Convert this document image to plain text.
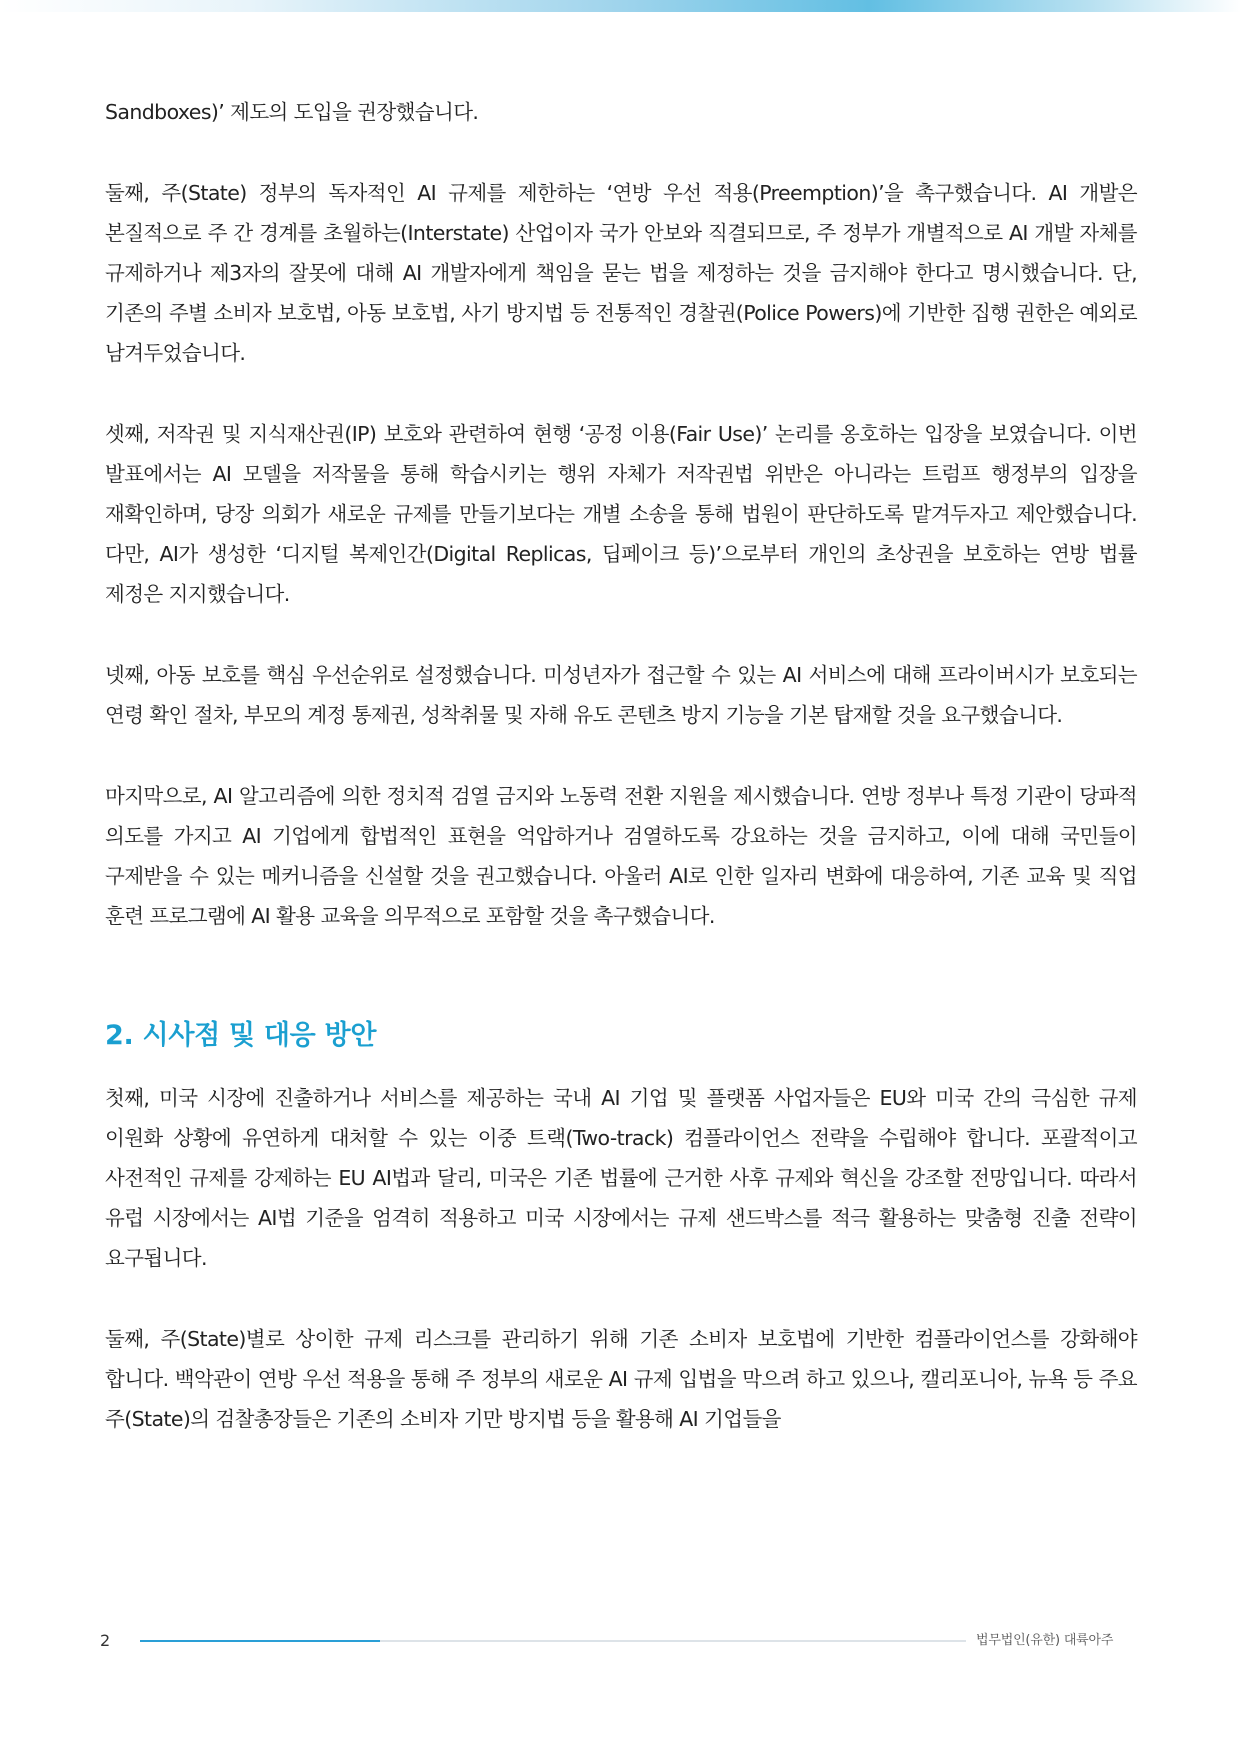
Sandboxes)’ 제도의 도입을 권장했습니다.

둘째, 주(State) 정부의 독자적인 AI 규제를 제한하는 ‘연방 우선 적용(Preemption)’을 촉구했습니다. AI 개발은 본질적으로 주 간 경계를 초월하는(Interstate) 산업이자 국가 안보와 직결되므로, 주 정부가 개별적으로 AI 개발 자체를 규제하거나 제3자의 잘못에 대해 AI 개발자에게 책임을 묻는 법을 제정하는 것을 금지해야 한다고 명시했습니다. 단, 기존의 주별 소비자 보호법, 아동 보호법, 사기 방지법 등 전통적인 경찰권(Police Powers)에 기반한 집행 권한은 예외로 남겨두었습니다.

셋째, 저작권 및 지식재산권(IP) 보호와 관련하여 현행 ‘공정 이용(Fair Use)’ 논리를 옹호하는 입장을 보였습니다. 이번 발표에서는 AI 모델을 저작물을 통해 학습시키는 행위 자체가 저작권법 위반은 아니라는 트럼프 행정부의 입장을 재확인하며, 당장 의회가 새로운 규제를 만들기보다는 개별 소송을 통해 법원이 판단하도록 맡겨두자고 제안했습니다. 다만, AI가 생성한 ‘디지털 복제인간(Digital Replicas, 딥페이크 등)’으로부터 개인의 초상권을 보호하는 연방 법률 제정은 지지했습니다.

넷째, 아동 보호를 핵심 우선순위로 설정했습니다. 미성년자가 접근할 수 있는 AI 서비스에 대해 프라이버시가 보호되는 연령 확인 절차, 부모의 계정 통제권, 성착취물 및 자해 유도 콘텐츠 방지 기능을 기본 탑재할 것을 요구했습니다.

마지막으로, AI 알고리즘에 의한 정치적 검열 금지와 노동력 전환 지원을 제시했습니다. 연방 정부나 특정 기관이 당파적 의도를 가지고 AI 기업에게 합법적인 표현을 억압하거나 검열하도록 강요하는 것을 금지하고, 이에 대해 국민들이 구제받을 수 있는 메커니즘을 신설할 것을 권고했습니다. 아울러 AI로 인한 일자리 변화에 대응하여, 기존 교육 및 직업 훈련 프로그램에 AI 활용 교육을 의무적으로 포함할 것을 촉구했습니다.

2. 시사점 및 대응 방안

첫째, 미국 시장에 진출하거나 서비스를 제공하는 국내 AI 기업 및 플랫폼 사업자들은 EU와 미국 간의 극심한 규제 이원화 상황에 유연하게 대처할 수 있는 이중 트랙(Two-track) 컴플라이언스 전략을 수립해야 합니다. 포괄적이고 사전적인 규제를 강제하는 EU AI법과 달리, 미국은 기존 법률에 근거한 사후 규제와 혁신을 강조할 전망입니다. 따라서 유럽 시장에서는 AI법 기준을 엄격히 적용하고 미국 시장에서는 규제 샌드박스를 적극 활용하는 맞춤형 진출 전략이 요구됩니다.

둘째, 주(State)별로 상이한 규제 리스크를 관리하기 위해 기존 소비자 보호법에 기반한 컴플라이언스를 강화해야 합니다. 백악관이 연방 우선 적용을 통해 주 정부의 새로운 AI 규제 입법을 막으려 하고 있으나, 캘리포니아, 뉴욕 등 주요 주(State)의 검찰총장들은 기존의 소비자 기만 방지법 등을 활용해 AI 기업들을

2	법무법인(유한) 대륙아주
